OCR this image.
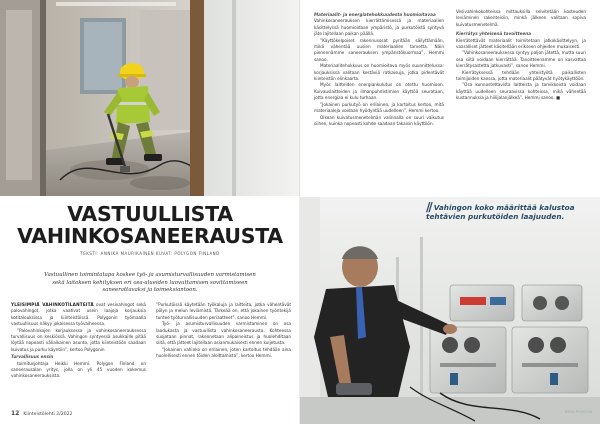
VASTUULLISTA
VAHINKOSANEERAUSTA
TEKSTI: ANNIKA MAURIKAINEN KUVAT: POLYGON FINLAND
Vastuullinen toimintatapa koskee työ- ja asumisturvallisuuden varmistamisen sekä laitoksen kehityksen eri osa-alueiden luovuttamisen sovittamiseen saneerattavaksi ja toimeksiantoon.

YLEISIMPIÄ VAHINKOTILANTEITÄ ovat vesivahingot sekä palovahingot, jotka vaativat usein laajoja korjauksia kotitalouksissa ja kiinteistöissä. Polygonin työmaalla vastuullisuus näkyy jokaisessa työvaiheessa.

”Palovahinkojen korjauksessa ja vahinkosaneerauksessa turvallisuus on keskiössä. Vahingon syntyessä asukkaille pitää löytää nopeasti väliaikainen asunto, jotta kiinteistöön saadaan kuivatus ja purku käyntiin”, kertoo Polygonin

Turvallisuus ensin

toimitusjohtaja Heikki Hemmi. Polygon Finland on saneerausalan yritys, jolla on yli 45 vuoden kokemus vahinkosaneerauksista.

”Purkutöissä käytetään työkaluja ja laitteita, jotka vähentävät pölyn ja melun leviämistä. Tärkeää on, että jokainen työntekijä tuntee työturvallisuuden periaatteet”, sanoo Hemmi.

Työ- ja asumisturvallisuuden varmistaminen on osa laadukasta ja vastuullista vahinkosaneerausta. Kohteessa suojataan pinnat, rakennetaan alipaineistus ja huolehditaan siitä, että jätteet lajitellaan asianmukaisesti ennen kuljetusta.

”Jokainen vahinko on erilainen, joten kartoitus tehdään aina huolellisesti ennen töiden aloittamista”, kertoo Hemmi.

12 Kiinteistölehti 2/2022

Materiaalit- ja energiatehokkuudesta huomioitavaa

Vahinkosaneerauksen kierrättämisessä ja materiaalien käsittelyssä huomioidaan ympäristö, ja purkutöistä syntyvä jäte lajitellaan paikan päällä.

”Käyttökelpoiset rakennusosat pyritään säilyttämään, mikä vähentää uusien materiaalien tarvetta. Näin pienennämme saneerauksen ympäristökuormaa”, Hemmi sanoo.

Materiaalitehokkuus on huomioitava myös suunnittelussa: korjauksissa valitaan kestäviä ratkaisuja, jotka pidentävät kiinteistön elinkaarta.

Myös laitteiden energiankulutus on otettu huomioon. Kuivauslaitteiden ja ilmanpuhdistimien käyttöä seurataan, jotta energiaa ei kulu turhaan.

”Jokainen purkutyö on erilainen, ja kartoitus kertoo, mitä materiaaleja voidaan hyödyntää uudelleen”, Hemmi kertoo.

Oikean kuivatusmenetelmän valinnalla on suuri vaikutus siihen, kuinka nopeasti kohde saadaan takaisin käyttöön.

Vesivahinkokohteissa mittauksilla selvitetään kosteuden leviäminen rakenteisiin, minkä jälkeen valitaan sopiva kuivatusmenetelmä.

Kierrätys yhteisenä tavoitteena

Kierrätettävät materiaalit toimitetaan jatkokäsittelyyn, ja vaaralliset jätteet käsitellään erikseen ohjeiden mukaisesti.

”Vahinkosaneerauksessa syntyy paljon jätettä, mutta suuri osa siitä voidaan kierrättää. Tavoitteenamme on kasvattaa kierrätysastetta jatkuvasti”, sanoo Hemmi.

Kierrätyksessä tehdään yhteistyötä paikallisten toimijoiden kanssa, jotta materiaalit päätyvät hyötykäyttöön.

”Osa kunnostettavista laitteista ja tarvikkeista voidaan käyttää uudelleen seuraavissa kohteissa, mikä vähentää kustannuksia ja hiilijalanjälkeä”, Hemmi sanoo. ■

// Vahingon koko määrittää kalustoa tehtävien purkutöiden laajuuden.
KUVA: POLYGON
